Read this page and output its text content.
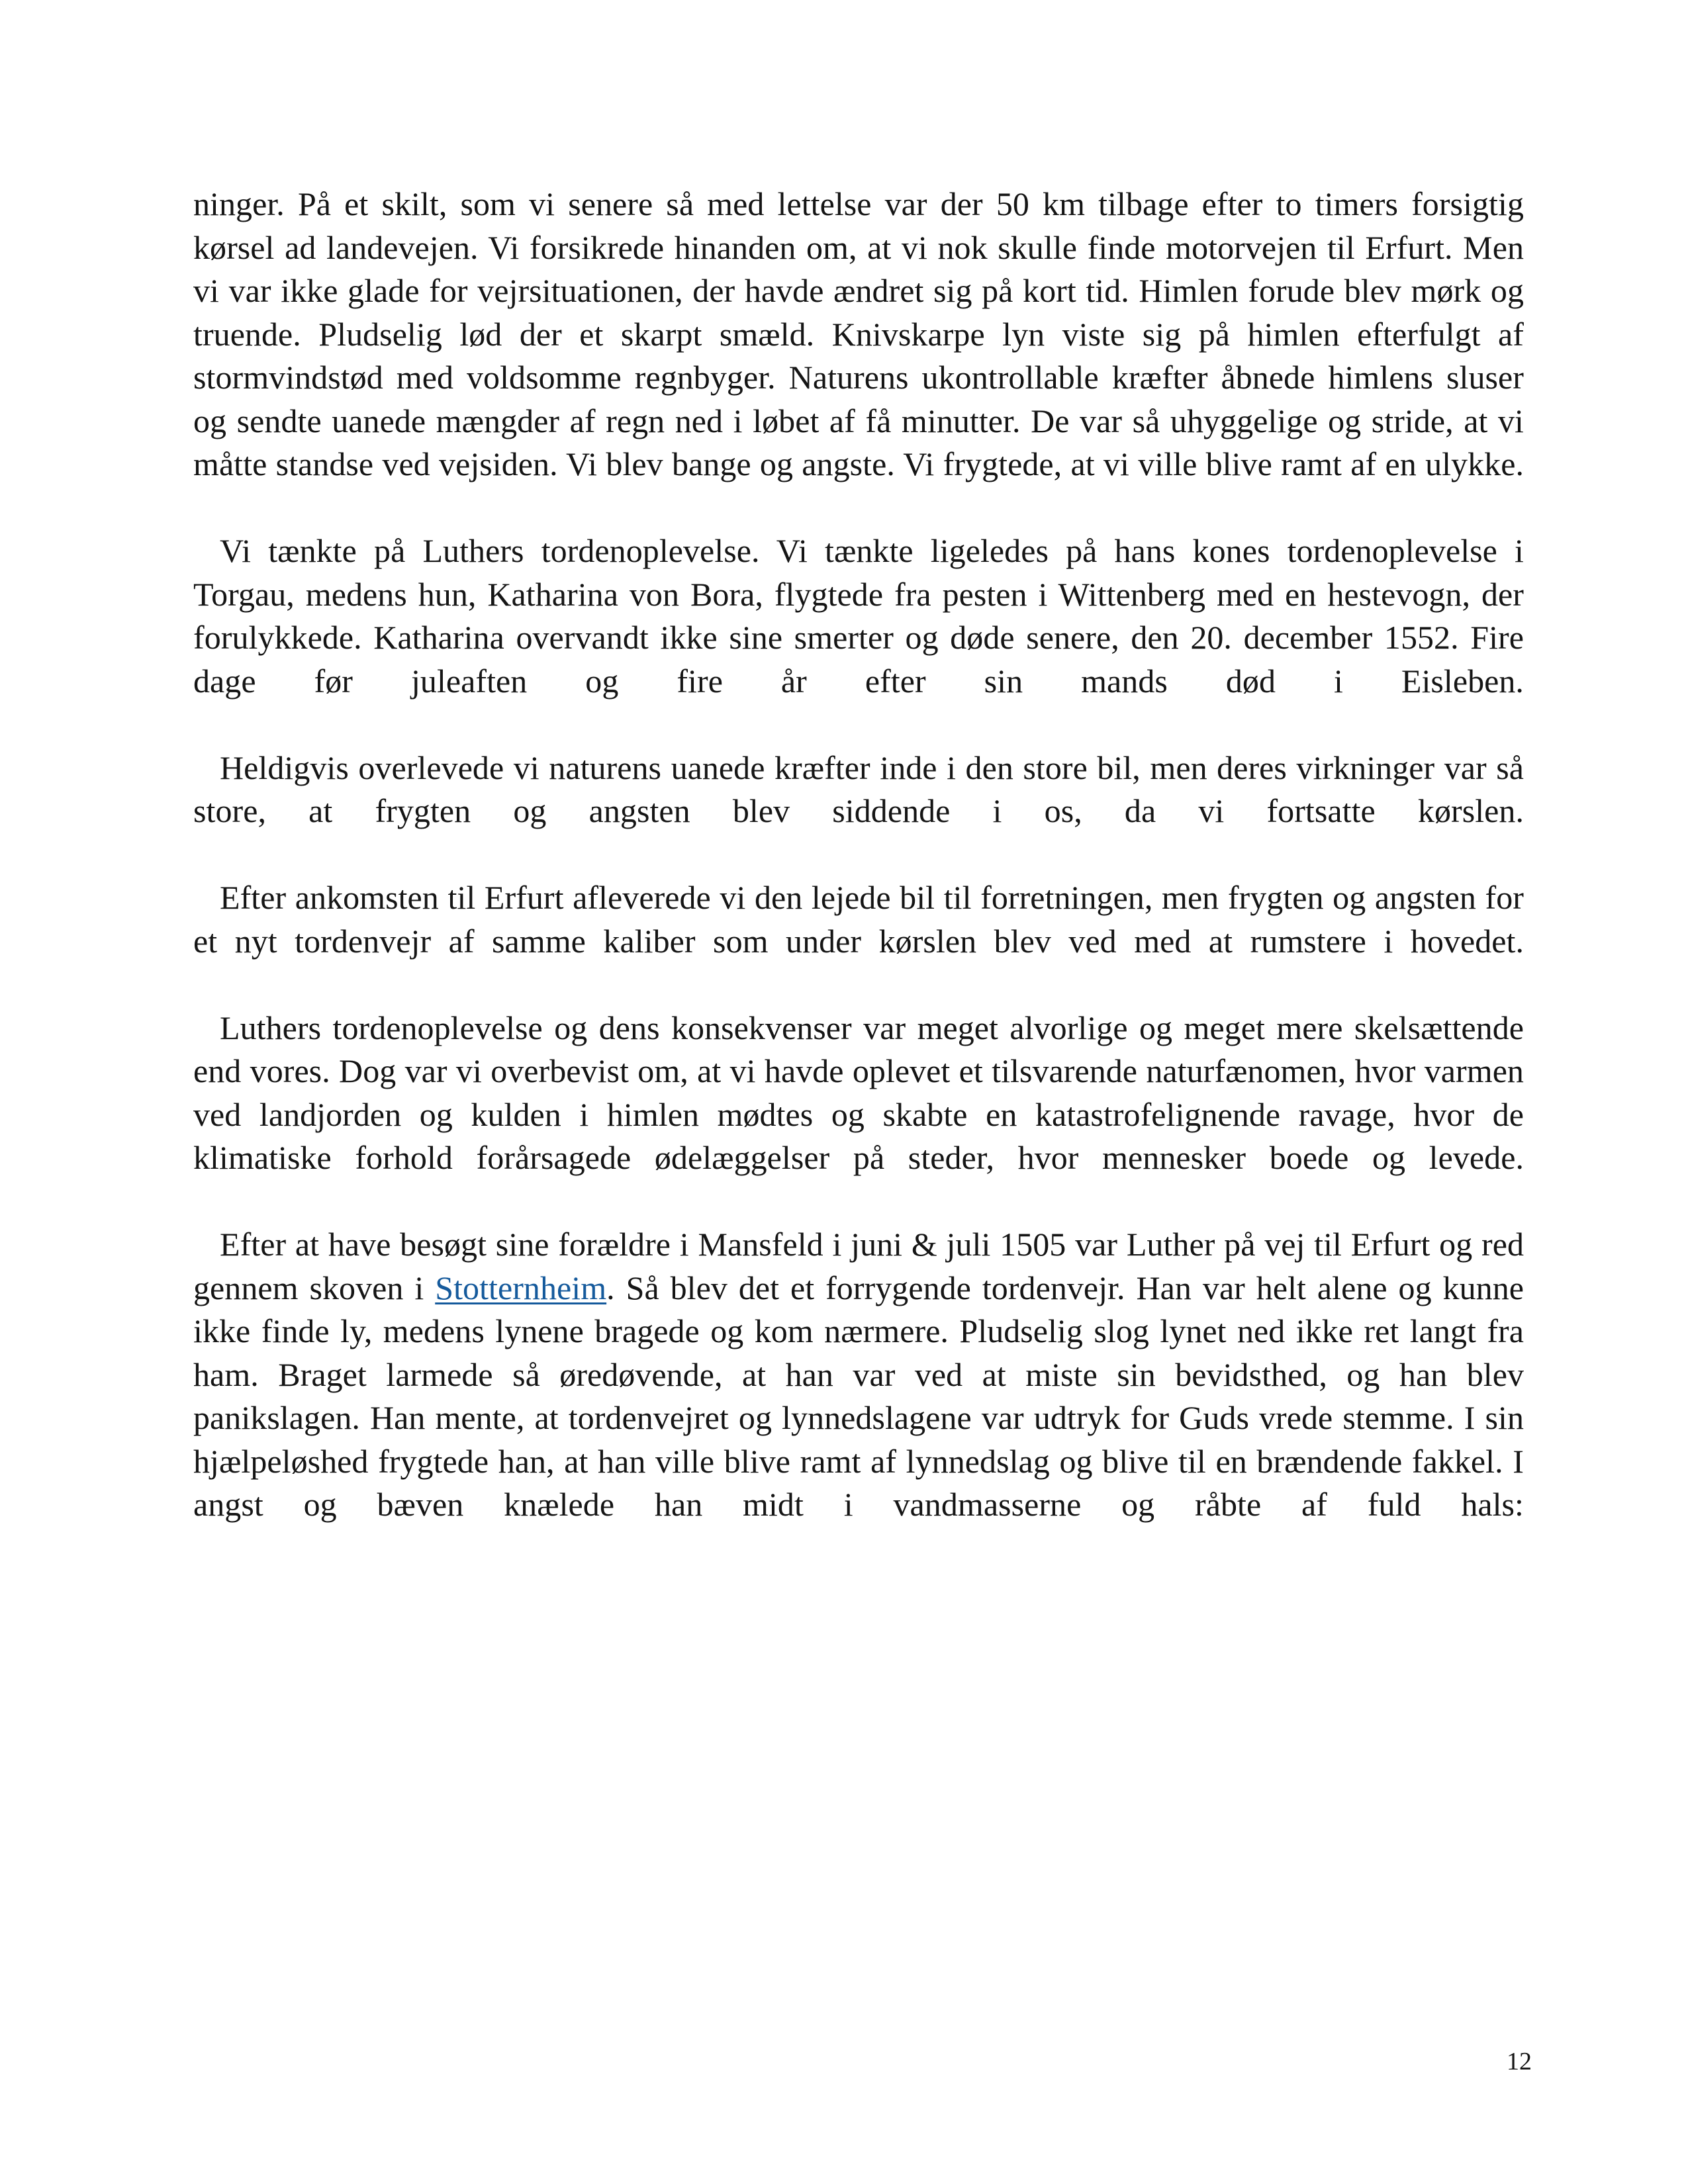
ninger. På et skilt, som vi senere så med lettelse var der 50 km tilbage efter to timers forsigtig kørsel ad landevejen. Vi forsikrede hinanden om, at vi nok skulle finde motorvejen til Erfurt. Men vi var ikke glade for vejrsituationen, der havde ændret sig på kort tid. Himlen forude blev mørk og truende. Pludselig lød der et skarpt smæld. Knivskarpe lyn viste sig på himlen efterfulgt af stormvindstød med voldsomme regnbyger. Naturens ukontrollable kræfter åbnede himlens sluser og sendte uanede mængder af regn ned i løbet af få minutter. De var så uhyggelige og stride, at vi måtte standse ved vejsiden. Vi blev bange og angste. Vi frygtede, at vi ville blive ramt af en ulykke.

Vi tænkte på Luthers tordenoplevelse. Vi tænkte ligeledes på hans kones tordenoplevelse i Torgau, medens hun, Katharina von Bora, flygtede fra pesten i Wittenberg med en hestevogn, der forulykkede. Katharina overvandt ikke sine smerter og døde senere, den 20. december 1552. Fire dage før juleaften og fire år efter sin mands død i Eisleben.

Heldigvis overlevede vi naturens uanede kræfter inde i den store bil, men deres virkninger var så store, at frygten og angsten blev siddende i os, da vi fortsatte kørslen.

Efter ankomsten til Erfurt afleverede vi den lejede bil til forretningen, men frygten og angsten for et nyt tordenvejr af samme kaliber som under kørslen blev ved med at rumstere i hovedet.

Luthers tordenoplevelse og dens konsekvenser var meget alvorlige og meget mere skelsættende end vores. Dog var vi overbevist om, at vi havde oplevet et tilsvarende naturfænomen, hvor varmen ved landjorden og kulden i himlen mødtes og skabte en katastrofelignende ravage, hvor de klimatiske forhold forårsagede ødelæggelser på steder, hvor mennesker boede og levede.

Efter at have besøgt sine forældre i Mansfeld i juni & juli 1505 var Luther på vej til Erfurt og red gennem skoven i Stotternheim. Så blev det et forrygende tordenvejr. Han var helt alene og kunne ikke finde ly, medens lynene bragede og kom nærmere. Pludselig slog lynet ned ikke ret langt fra ham. Braget larmede så øredøvende, at han var ved at miste sin bevidsthed, og han blev panikslagen. Han mente, at tordenvejret og lynnedslagene var udtryk for Guds vrede stemme. I sin hjælpeløshed frygtede han, at han ville blive ramt af lynnedslag og blive til en brændende fakkel. I angst og bæven knælede han midt i vandmasserne og råbte af fuld hals:

12
